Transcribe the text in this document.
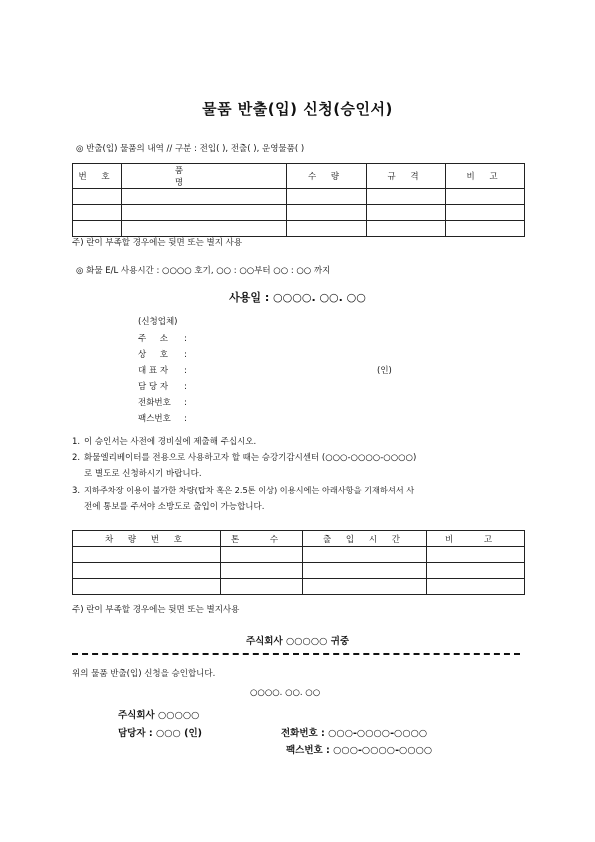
물품 반출(입) 신청(승인서)
◎ 반출(입) 물품의 내역 // 구분 : 전입( ), 전출( ), 운영물품( )
번 호	품 명	수 량	규 격	비 고

주) 란이 부족할 경우에는 뒷면 또는 별지 사용
◎ 화물 E/L 사용시간 : ○○○○ 호기, ○○ : ○○부터 ○○ : ○○ 까지
사용일 : ○○○○. ○○. ○○
(신청업체)
주     소 :
상     호 :
대 표 자 :	(인)
담 당 자 :
전화번호 :
팩스번호 :
1. 이 승인서는 사전에 경비실에 제출해 주십시오.
2. 화물엘리베이터를 전용으로 사용하고자 할 때는 승강기감시센터 (○○○-○○○○-○○○○)
로 별도로 신청하시기 바랍니다.
3. 지하주차장 이용이 불가한 차량(탑차 혹은 2.5톤 이상) 이용시에는 아래사항을 기재하셔서 사
전에 통보를 주셔야 소방도로 출입이 가능합니다.
차 량 번 호	톤 수	출 입 시 간	비 고

주) 란이 부족할 경우에는 뒷면 또는 별지사용
주식회사 ○○○○○ 귀중
위의 물품 반출(입) 신청을 승인합니다.
○○○○. ○○. ○○
주식회사 ○○○○○
담당자 : ○○○ (인)	전화번호 : ○○○-○○○○-○○○○
팩스번호 : ○○○-○○○○-○○○○
